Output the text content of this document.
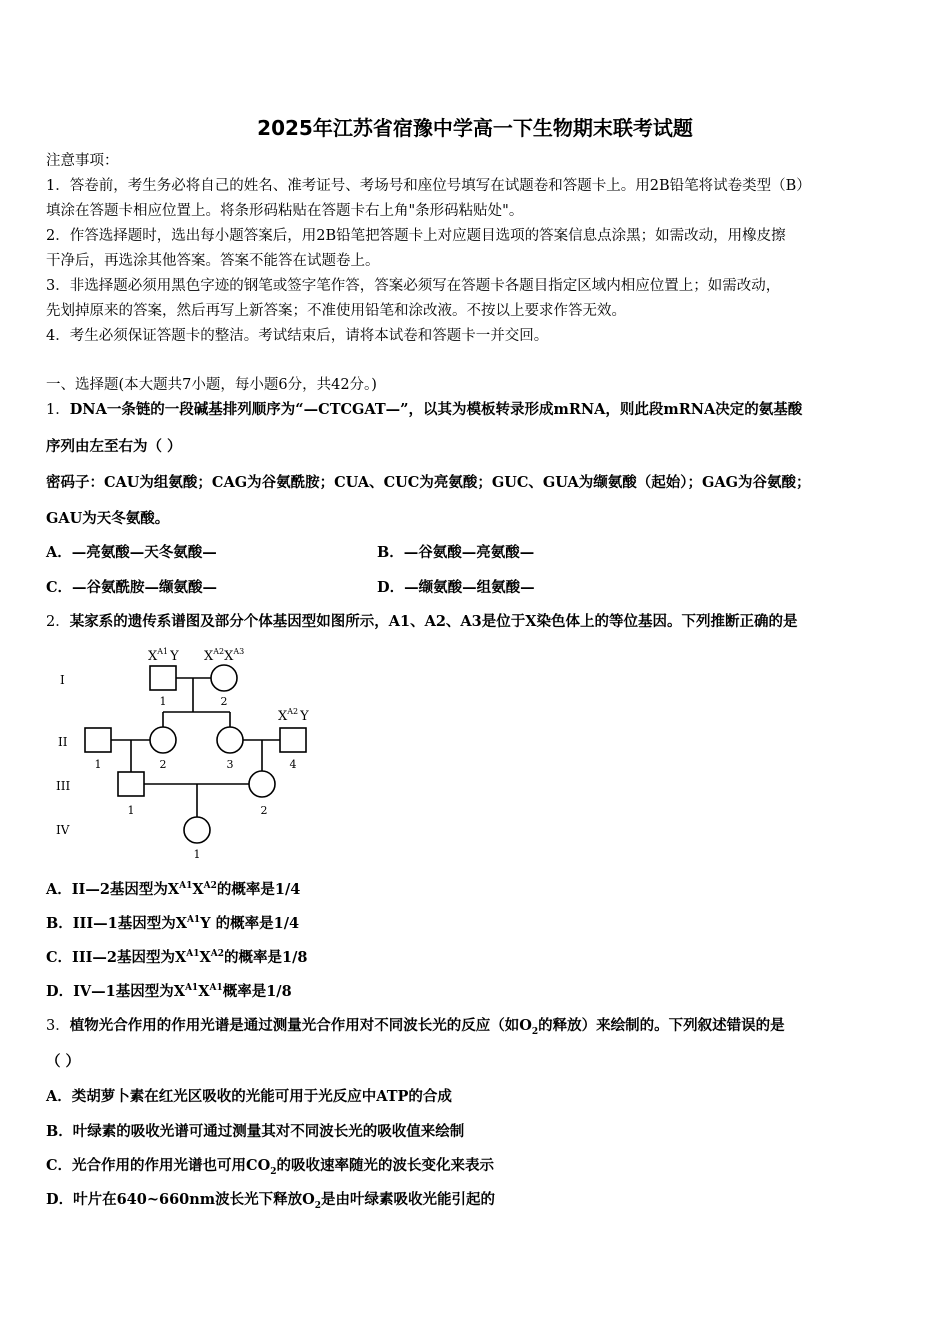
2025年江苏省宿豫中学高一下生物期末联考试题
注意事项：
1．答卷前，考生务必将自己的姓名、准考证号、考场号和座位号填写在试题卷和答题卡上。用2B铅笔将试卷类型（B）
填涂在答题卡相应位置上。将条形码粘贴在答题卡右上角"条形码粘贴处"。
2．作答选择题时，选出每小题答案后，用2B铅笔把答题卡上对应题目选项的答案信息点涂黑；如需改动，用橡皮擦
干净后，再选涂其他答案。答案不能答在试题卷上。
3．非选择题必须用黑色字迹的钢笔或签字笔作答，答案必须写在答题卡各题目指定区域内相应位置上；如需改动，
先划掉原来的答案，然后再写上新答案；不准使用铅笔和涂改液。不按以上要求作答无效。
4．考生必须保证答题卡的整洁。考试结束后，请将本试卷和答题卡一并交回。
一、选择题(本大题共7小题，每小题6分，共42分。)
1．DNA一条链的一段碱基排列顺序为“—CTCGAT—”，以其为模板转录形成mRNA，则此段mRNA决定的氨基酸
序列由左至右为（ ）
密码子：CAU为组氨酸；CAG为谷氨酰胺；CUA、CUC为亮氨酸；GUC、GUA为缬氨酸（起始）；GAG为谷氨酸；
GAU为天冬氨酸。
A．—亮氨酸—天冬氨酸—	B．—谷氨酸—亮氨酸—
C．—谷氨酰胺—缬氨酸—	D．—缬氨酸—组氨酸—
2．某家系的遗传系谱图及部分个体基因型如图所示，A1、A2、A3是位于X染色体上的等位基因。下列推断正确的是
I
II
III
IV
1	2
1	2	3	4
1	2
1
$X^{A1}$ Y $X^{A2}X^{A3}$
$X^{A2}$ Y
A．II—2基因型为$X^{A1}X^{A2}$的概率是1/4
B．III—1基因型为$X^{A1}Y$ 的概率是1/4
C．III—2基因型为$X^{A1}X^{A2}$的概率是1/8
D．IV—1基因型为$X^{A1}X^{A1}$概率是1/8
3．植物光合作用的作用光谱是通过测量光合作用对不同波长光的反应（如$O_2$的释放）来绘制的。下列叙述错误的是
（ ）
A．类胡萝卜素在红光区吸收的光能可用于光反应中ATP的合成
B．叶绿素的吸收光谱可通过测量其对不同波长光的吸收值来绘制
C．光合作用的作用光谱也可用$CO_2$的吸收速率随光的波长变化来表示
D．叶片在640~660nm波长光下释放$O_2$是由叶绿素吸收光能引起的
